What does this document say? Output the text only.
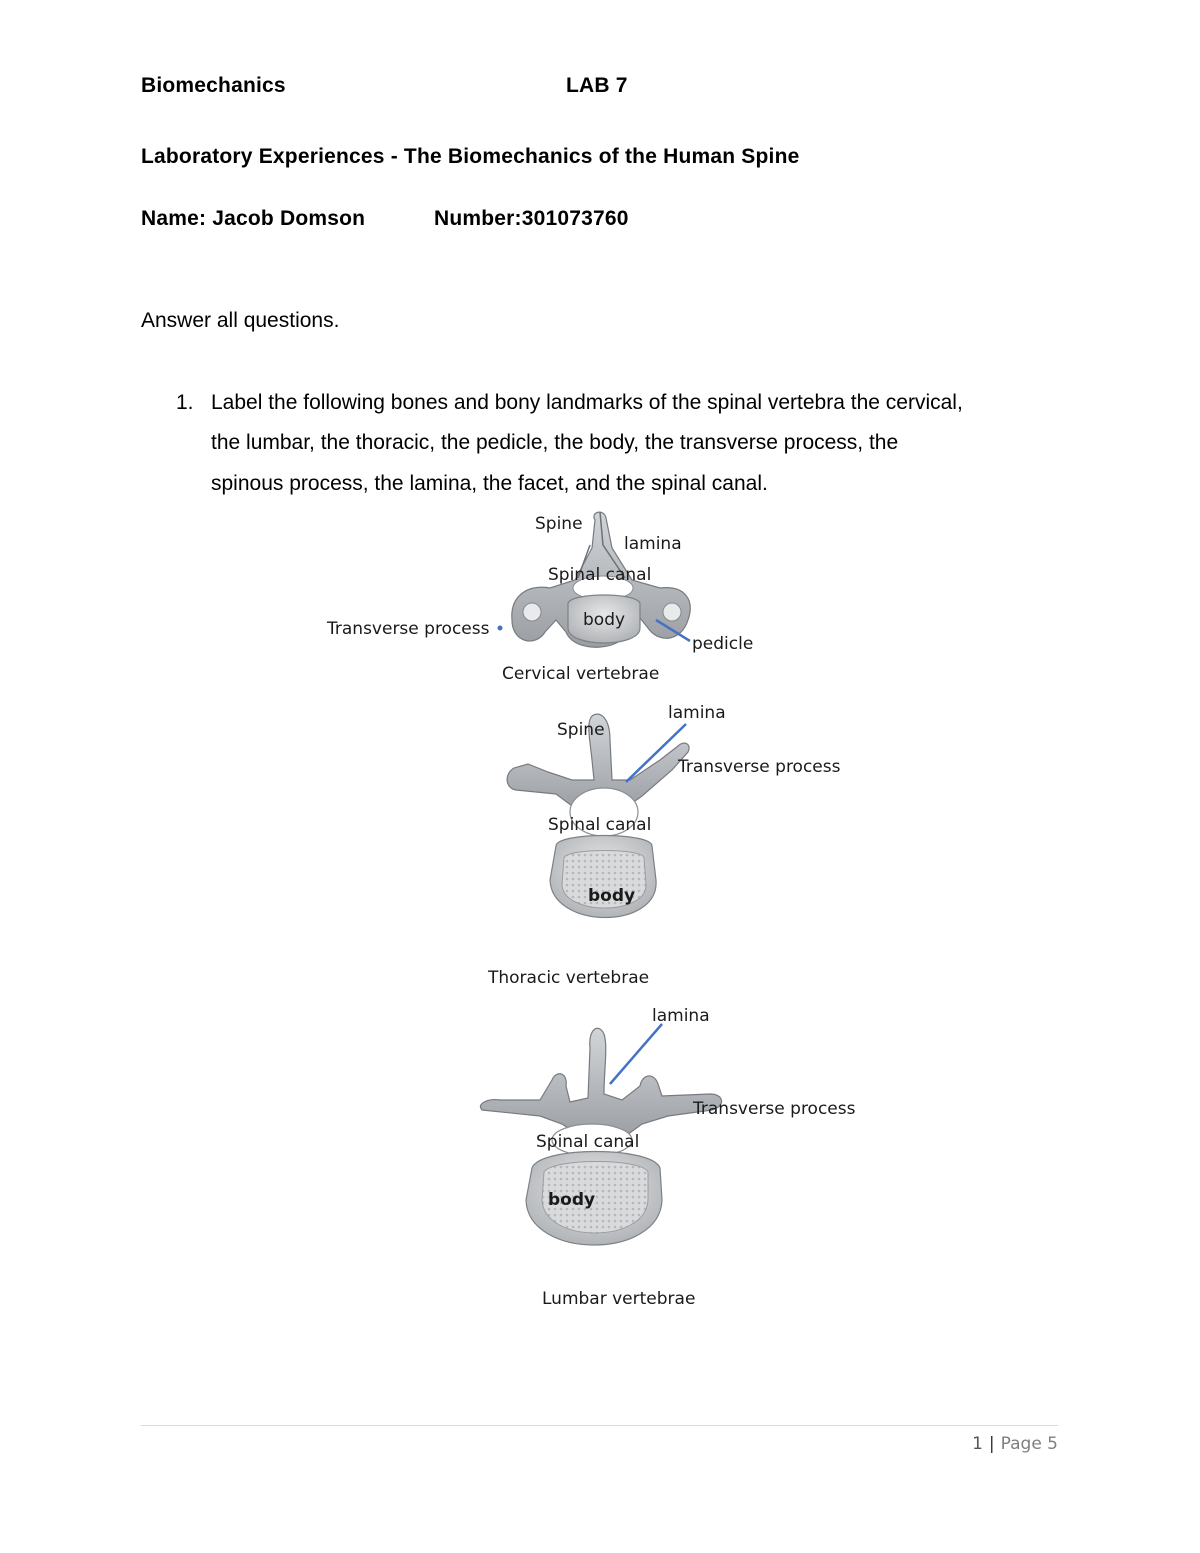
Biomechanics	LAB 7
Laboratory Experiences - The Biomechanics of the Human Spine
Name: Jacob Domson	Number:301073760
Answer all questions.
1. Label the following bones and bony landmarks of the spinal vertebra the cervical,
the lumbar, the thoracic, the pedicle, the body, the transverse process, the
spinous process, the lamina, the facet, and the spinal canal.
Spine
lamina
Spinal canal
body
Transverse process
pedicle
Cervical vertebrae
lamina
Spine
Transverse process
Spinal canal
body
Thoracic vertebrae
lamina
Transverse process
Spinal canal
body
Lumbar vertebrae
1 | Page 5
